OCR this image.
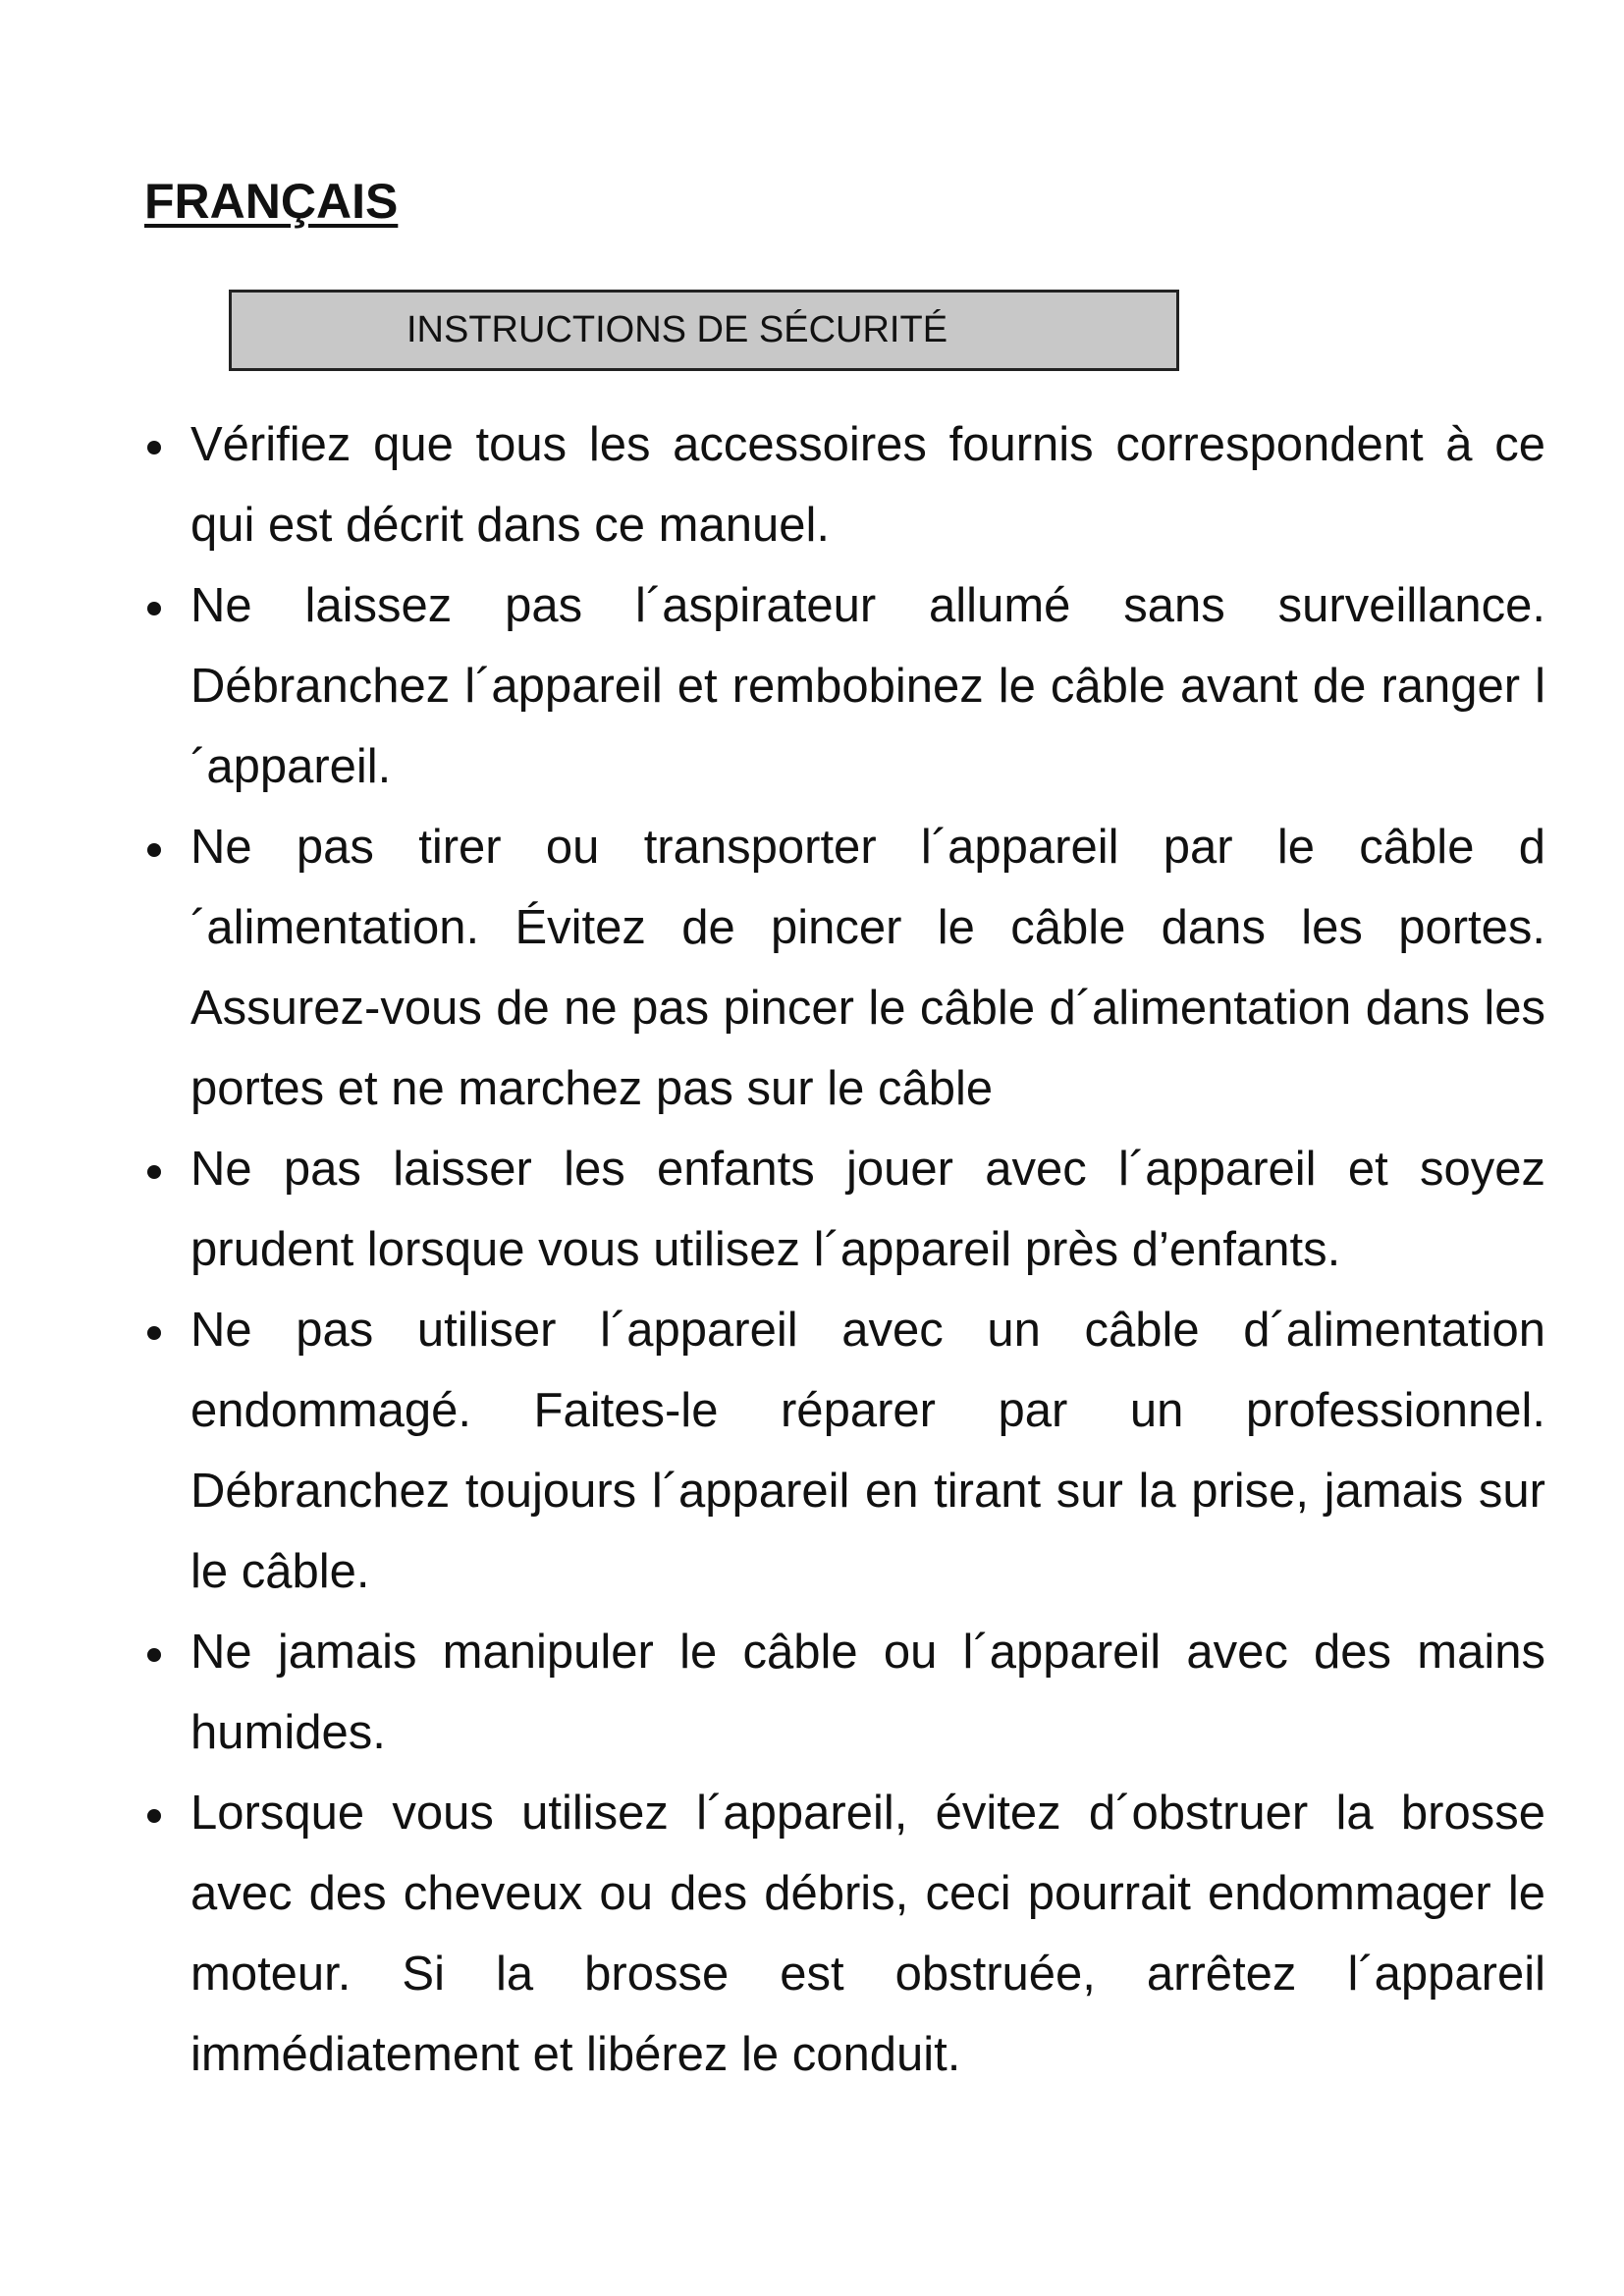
FRANÇAIS
INSTRUCTIONS DE SÉCURITÉ
Vérifiez que tous les accessoires fournis correspondent à ce qui est décrit dans ce manuel.
Ne laissez pas l´aspirateur allumé sans surveillance. Débranchez l´appareil et rembobinez le câble avant de ranger l´appareil.
Ne pas tirer ou transporter l´appareil par le câble d´alimentation. Évitez de pincer le câble dans les portes. Assurez-vous de ne pas pincer le câble d´alimentation dans les portes et ne marchez pas sur le câble
Ne pas laisser les enfants jouer avec l´appareil et soyez prudent lorsque vous utilisez l´appareil près d’enfants.
Ne pas utiliser l´appareil avec un câble d´alimentation endommagé. Faites-le réparer par un professionnel. Débranchez toujours l´appareil en tirant sur la prise, jamais sur le câble.
Ne jamais manipuler le câble ou l´appareil avec des mains humides.
Lorsque vous utilisez l´appareil, évitez d´obstruer la brosse avec des cheveux ou des débris, ceci pourrait endommager le moteur. Si la brosse est obstruée, arrêtez l´appareil immédiatement et libérez le conduit.
